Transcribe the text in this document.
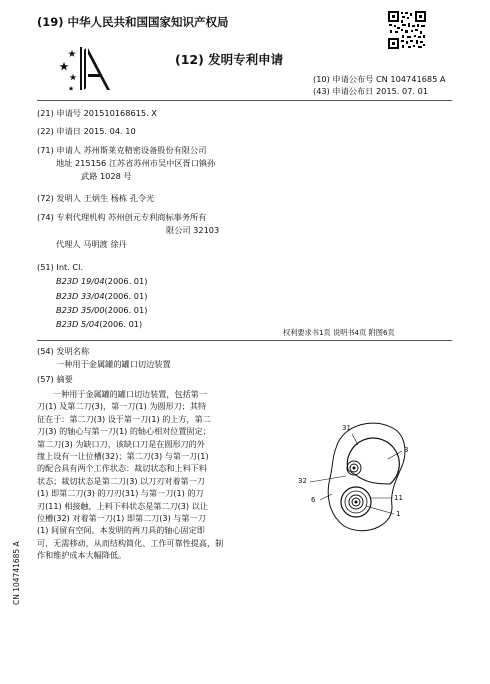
(19) 中华人民共和国国家知识产权局
(12) 发明专利申请
(10) 申请公布号 CN 104741685 A
(43) 申请公布日 2015. 07. 01
(21) 申请号 201510168615. X
(22) 申请日 2015. 04. 10
(71) 申请人 苏州斯莱克精密设备股份有限公司
地址 215156 江苏省苏州市吴中区胥口镇孙
武路 1028 号
(72) 发明人 王炳生 杨栋 孔令光
(74) 专利代理机构 苏州创元专利商标事务所有
限公司 32103
代理人 马明渡 徐丹
(51) Int. Cl.
B23D 19/04(2006. 01)
B23D 33/04(2006. 01)
B23D 35/00(2006. 01)
B23D 5/04(2006. 01)
权利要求书1页 说明书4页 附图6页
(54) 发明名称
一种用于金属罐的罐口切边装置
(57) 摘要
一种用于金属罐的罐口切边装置，包括第一
刀(1) 及第二刀(3)，第一刀(1) 为圆形刀；其特
征在于：第二刀(3) 设于第一刀(1) 的上方，第二
刀(3) 的轴心与第一刀(1) 的轴心相对位置固定；
第二刀(3) 为缺口刀，该缺口刀是在圆形刀的外
缘上设有一让位槽(32)；第二刀(3) 与第一刀(1)
的配合具有两个工作状态：裁切状态和上料下料
状态；裁切状态是第二刀(3) 以刀刃对着第一刀
(1) 即第二刀(3) 的刀刃(31) 与第一刀(1) 的刀
刃(11) 相接触，上料下料状态是第二刀(3) 以让
位槽(32) 对着第一刀(1) 即第二刀(3) 与第一刀
(1) 间留有空间。本发明的两刀具的轴心固定即
可，无需移动，从而结构简化、工作可靠性提高，制
作和维护成本大幅降低。
31
3
32
6	11
1
CN 104741685 A
